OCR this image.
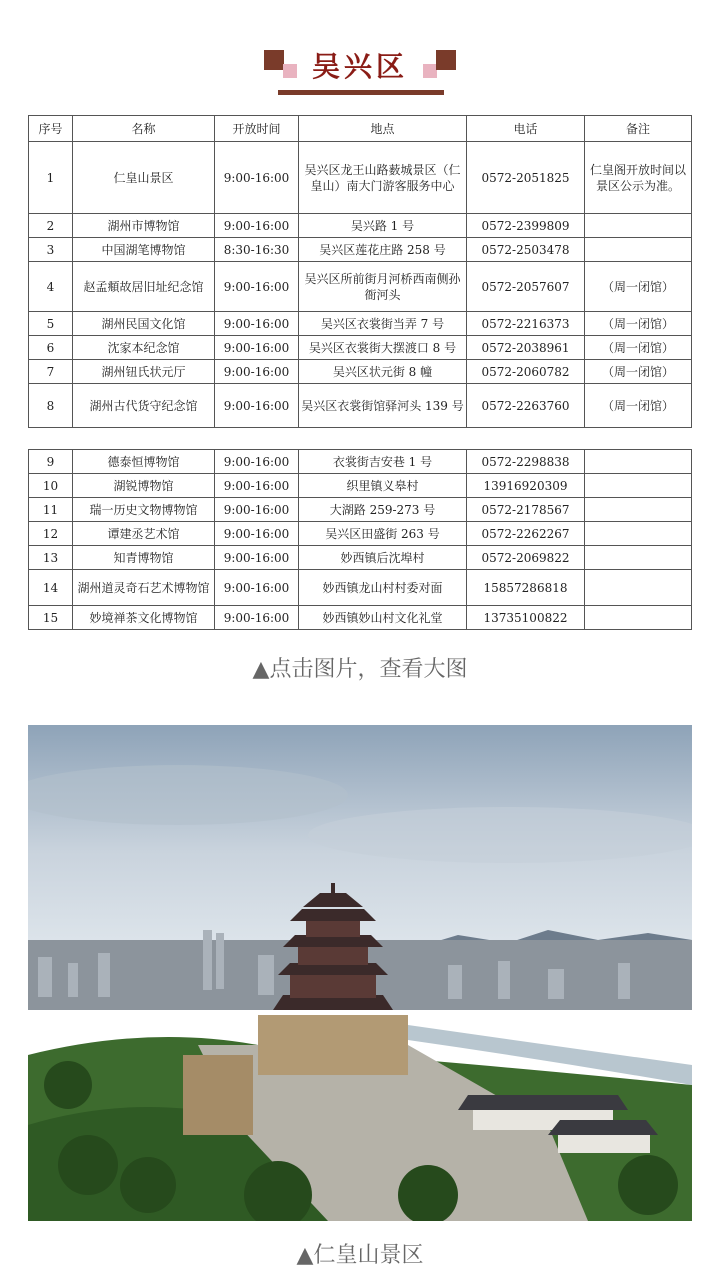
吴兴区
序号	名称	开放时间	地点	电话	备注
1	仁皇山景区	9:00-16:00	吴兴区龙王山路薮城景区（仁皇山）南大门游客服务中心	0572-2051825	仁皇阁开放时间以景区公示为准。
2	湖州市博物馆	9:00-16:00	吴兴路 1 号	0572-2399809	
3	中国湖笔博物馆	8:30-16:30	吴兴区莲花庄路 258 号	0572-2503478	
4	赵孟頫故居旧址纪念馆	9:00-16:00	吴兴区所前街月河桥西南侧孙衙河头	0572-2057607	（周一闭馆）
5	湖州民国文化馆	9:00-16:00	吴兴区衣裳街当弄 7 号	0572-2216373	（周一闭馆）
6	沈家本纪念馆	9:00-16:00	吴兴区衣裳街大摆渡口 8 号	0572-2038961	（周一闭馆）
7	湖州钮氏状元厅	9:00-16:00	吴兴区状元街 8 幢	0572-2060782	（周一闭馆）
8	湖州古代货守纪念馆	9:00-16:00	吴兴区衣裳街馆驿河头 139 号	0572-2263760	（周一闭馆）
9	德泰恒博物馆	9:00-16:00	衣裳街吉安巷 1 号	0572-2298838	
10	湖锐博物馆	9:00-16:00	织里镇义皋村	13916920309	
11	瑞一历史文物博物馆	9:00-16:00	大湖路 259-273 号	0572-2178567	
12	谭建丞艺术馆	9:00-16:00	吴兴区田盛街 263 号	0572-2262267	
13	知青博物馆	9:00-16:00	妙西镇后沈埠村	0572-2069822	
14	湖州道灵奇石艺术博物馆	9:00-16:00	妙西镇龙山村村委对面	15857286818	
15	妙境禅茶文化博物馆	9:00-16:00	妙西镇妙山村文化礼堂	13735100822	
▲点击图片，查看大图
▲仁皇山景区
